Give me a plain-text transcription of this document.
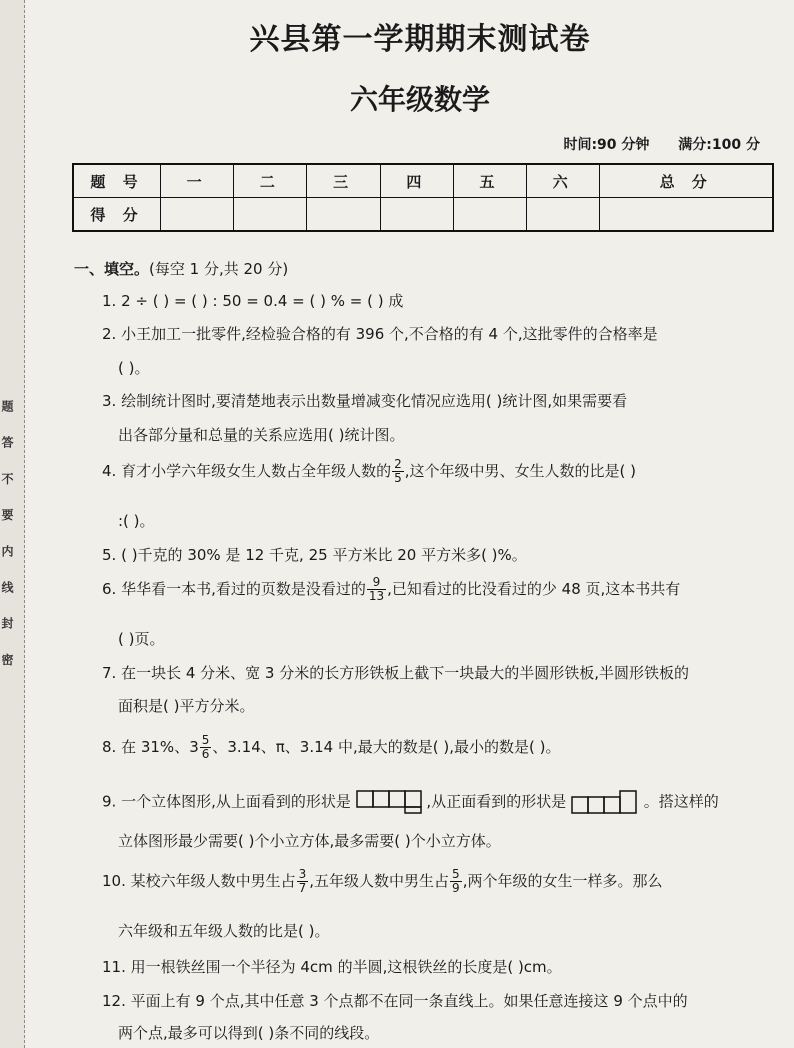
题 答 不 要 内 线 封 密
兴县第一学期期末测试卷
六年级数学
时间:90 分钟 满分:100 分
题 号	一	二	三	四	五	六	总 分
得 分							
一、填空。(每空 1 分,共 20 分)
1. 2 ÷ ( ) = ( ) : 50 = 0.4 = ( ) % = ( ) 成
2. 小王加工一批零件,经检验合格的有 396 个,不合格的有 4 个,这批零件的合格率是
( )。
3. 绘制统计图时,要清楚地表示出数量增减变化情况应选用( )统计图,如果需要看
出各部分量和总量的关系应选用( )统计图。
4. 育才小学六年级女生人数占全年级人数的 $\frac{2}{5}$ ,这个年级中男、女生人数的比是( )
:( )。
5. ( )千克的 30% 是 12 千克, 25 平方米比 20 平方米多( )%。
6. 华华看一本书,看过的页数是没看过的 $\frac{9}{13}$ ,已知看过的比没看过的少 48 页,这本书共有
( )页。
7. 在一块长 4 分米、宽 3 分米的长方形铁板上截下一块最大的半圆形铁板,半圆形铁板的
面积是( )平方分米。
8. 在 31%、$3 \frac{5}{6}$ 、3.14、π、3.14 中,最大的数是( ),最小的数是( )。
9. 一个立体图形,从上面看到的形状是	,从正面看到的形状是	。搭这样的
立体图形最少需要( )个小立方体,最多需要( )个小立方体。
10. 某校六年级人数中男生占 $\frac{3}{7}$ ,五年级人数中男生占 $\frac{5}{9}$ ,两个年级的女生一样多。那么
六年级和五年级人数的比是( )。
11. 用一根铁丝围一个半径为 4cm 的半圆,这根铁丝的长度是( )cm。
12. 平面上有 9 个点,其中任意 3 个点都不在同一条直线上。如果任意连接这 9 个点中的
两个点,最多可以得到( )条不同的线段。
